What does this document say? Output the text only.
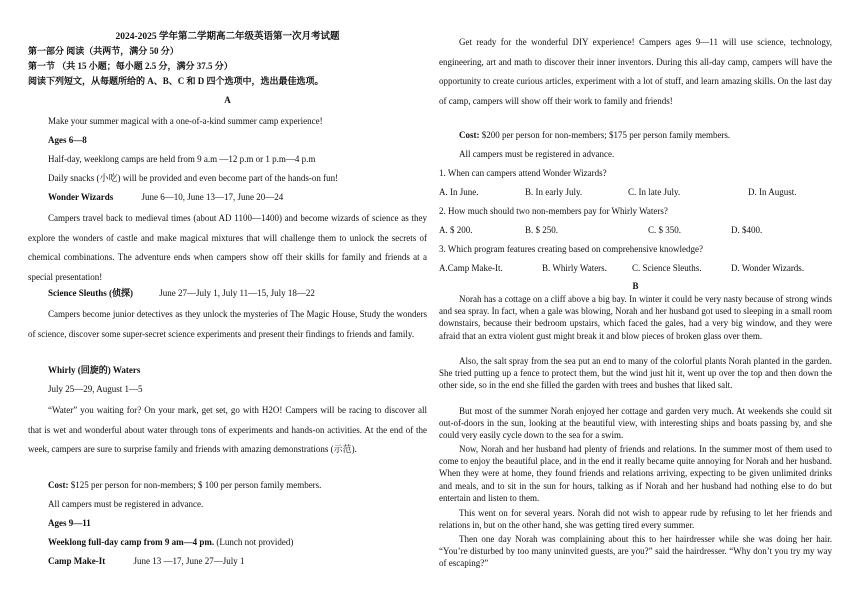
2024-2025 学年第二学期高二年级英语第一次月考试题
第一部分 阅读（共两节，满分 50 分）
第一节 （共 15 小题；每小题 2.5 分，满分 37.5 分）
阅读下列短文，从每题所给的 A、B、C 和 D 四个选项中，选出最佳选项。
A
Make your summer magical with a one-of-a-kind summer camp experience!
Ages 6—8
Half-day, weeklong camps are held from 9 a.m —12 p.m or 1 p.m—4 p.m
Daily snacks (小吃) will be provided and even become part of the hands-on fun!
Wonder Wizards	June 6—10, June 13—17, June 20—24
Campers travel back to medieval times (about AD 1100—1400) and become wizards of science as they explore the wonders of castle and make magical mixtures that will challenge them to unlock the secrets of chemical combinations. The adventure ends when campers show off their skills for family and friends at a special presentation!
Science Sleuths (侦探)	June 27—July 1, July 11—15, July 18—22
Campers become junior detectives as they unlock the mysteries of The Magic House, Study the wonders of science, discover some super-secret science experiments and present their findings to friends and family.
Whirly (回旋的) Waters
July 25—29, August 1—5
“Water” you waiting for? On your mark, get set, go with H2O! Campers will be racing to discover all that is wet and wonderful about water through tons of experiments and hands-on activities. At the end of the week, campers are sure to surprise family and friends with amazing demonstrations (示范).
Cost: $125 per person for non-members; $ 100 per person family members.
All campers must be registered in advance.
Ages 9—11
Weeklong full-day camp from 9 am—4 pm. (Lunch not provided)
Camp Make-It	June 13 —17, June 27—July 1
Get ready for the wonderful DIY experience! Campers ages 9—11 will use science, technology, engineering, art and math to discover their inner inventors. During this all-day camp, campers will have the opportunity to create curious articles, experiment with a lot of stuff, and learn amazing skills. On the last day of camp, campers will show off their work to family and friends!
Cost: $200 per person for non-members; $175 per person family members.
All campers must be registered in advance.
1. When can campers attend Wonder Wizards?
A. In June.	B. In early July.	C. In late July.	D. In August.
2. How much should two non-members pay for Whirly Waters?
A. $ 200.	B. $ 250.	C. $ 350.	D. $400.
3. Which program features creating based on comprehensive knowledge?
A.Camp Make-It.	B. Whirly Waters.	C. Science Sleuths.	D. Wonder Wizards.
B
Norah has a cottage on a cliff above a big bay. In winter it could be very nasty because of strong winds and sea spray. In fact, when a gale was blowing, Norah and her husband got used to sleeping in a small room downstairs, because their bedroom upstairs, which faced the gales, had a very big window, and they were afraid that an extra violent gust might break it and blow pieces of broken glass over them.
Also, the salt spray from the sea put an end to many of the colorful plants Norah planted in the garden. She tried putting up a fence to protect them, but the wind just hit it, went up over the top and then down the other side, so in the end she filled the garden with trees and bushes that liked salt.
But most of the summer Norah enjoyed her cottage and garden very much. At weekends she could sit out-of-doors in the sun, looking at the beautiful view, with interesting ships and boats passing by, and she could very easily cycle down to the sea for a swim.
Now, Norah and her husband had plenty of friends and relations. In the summer most of them used to come to enjoy the beautiful place, and in the end it really became quite annoying for Norah and her husband. When they were at home, they found friends and relations arriving, expecting to be given unlimited drinks and meals, and to sit in the sun for hours, talking as if Norah and her husband had nothing else to do but entertain and listen to them.
This went on for several years. Norah did not wish to appear rude by refusing to let her friends and relations in, but on the other hand, she was getting tired every summer.
Then one day Norah was complaining about this to her hairdresser while she was doing her hair. “You’re disturbed by too many uninvited guests, are you?” said the hairdresser. “Why don’t you try my way of escaping?”
